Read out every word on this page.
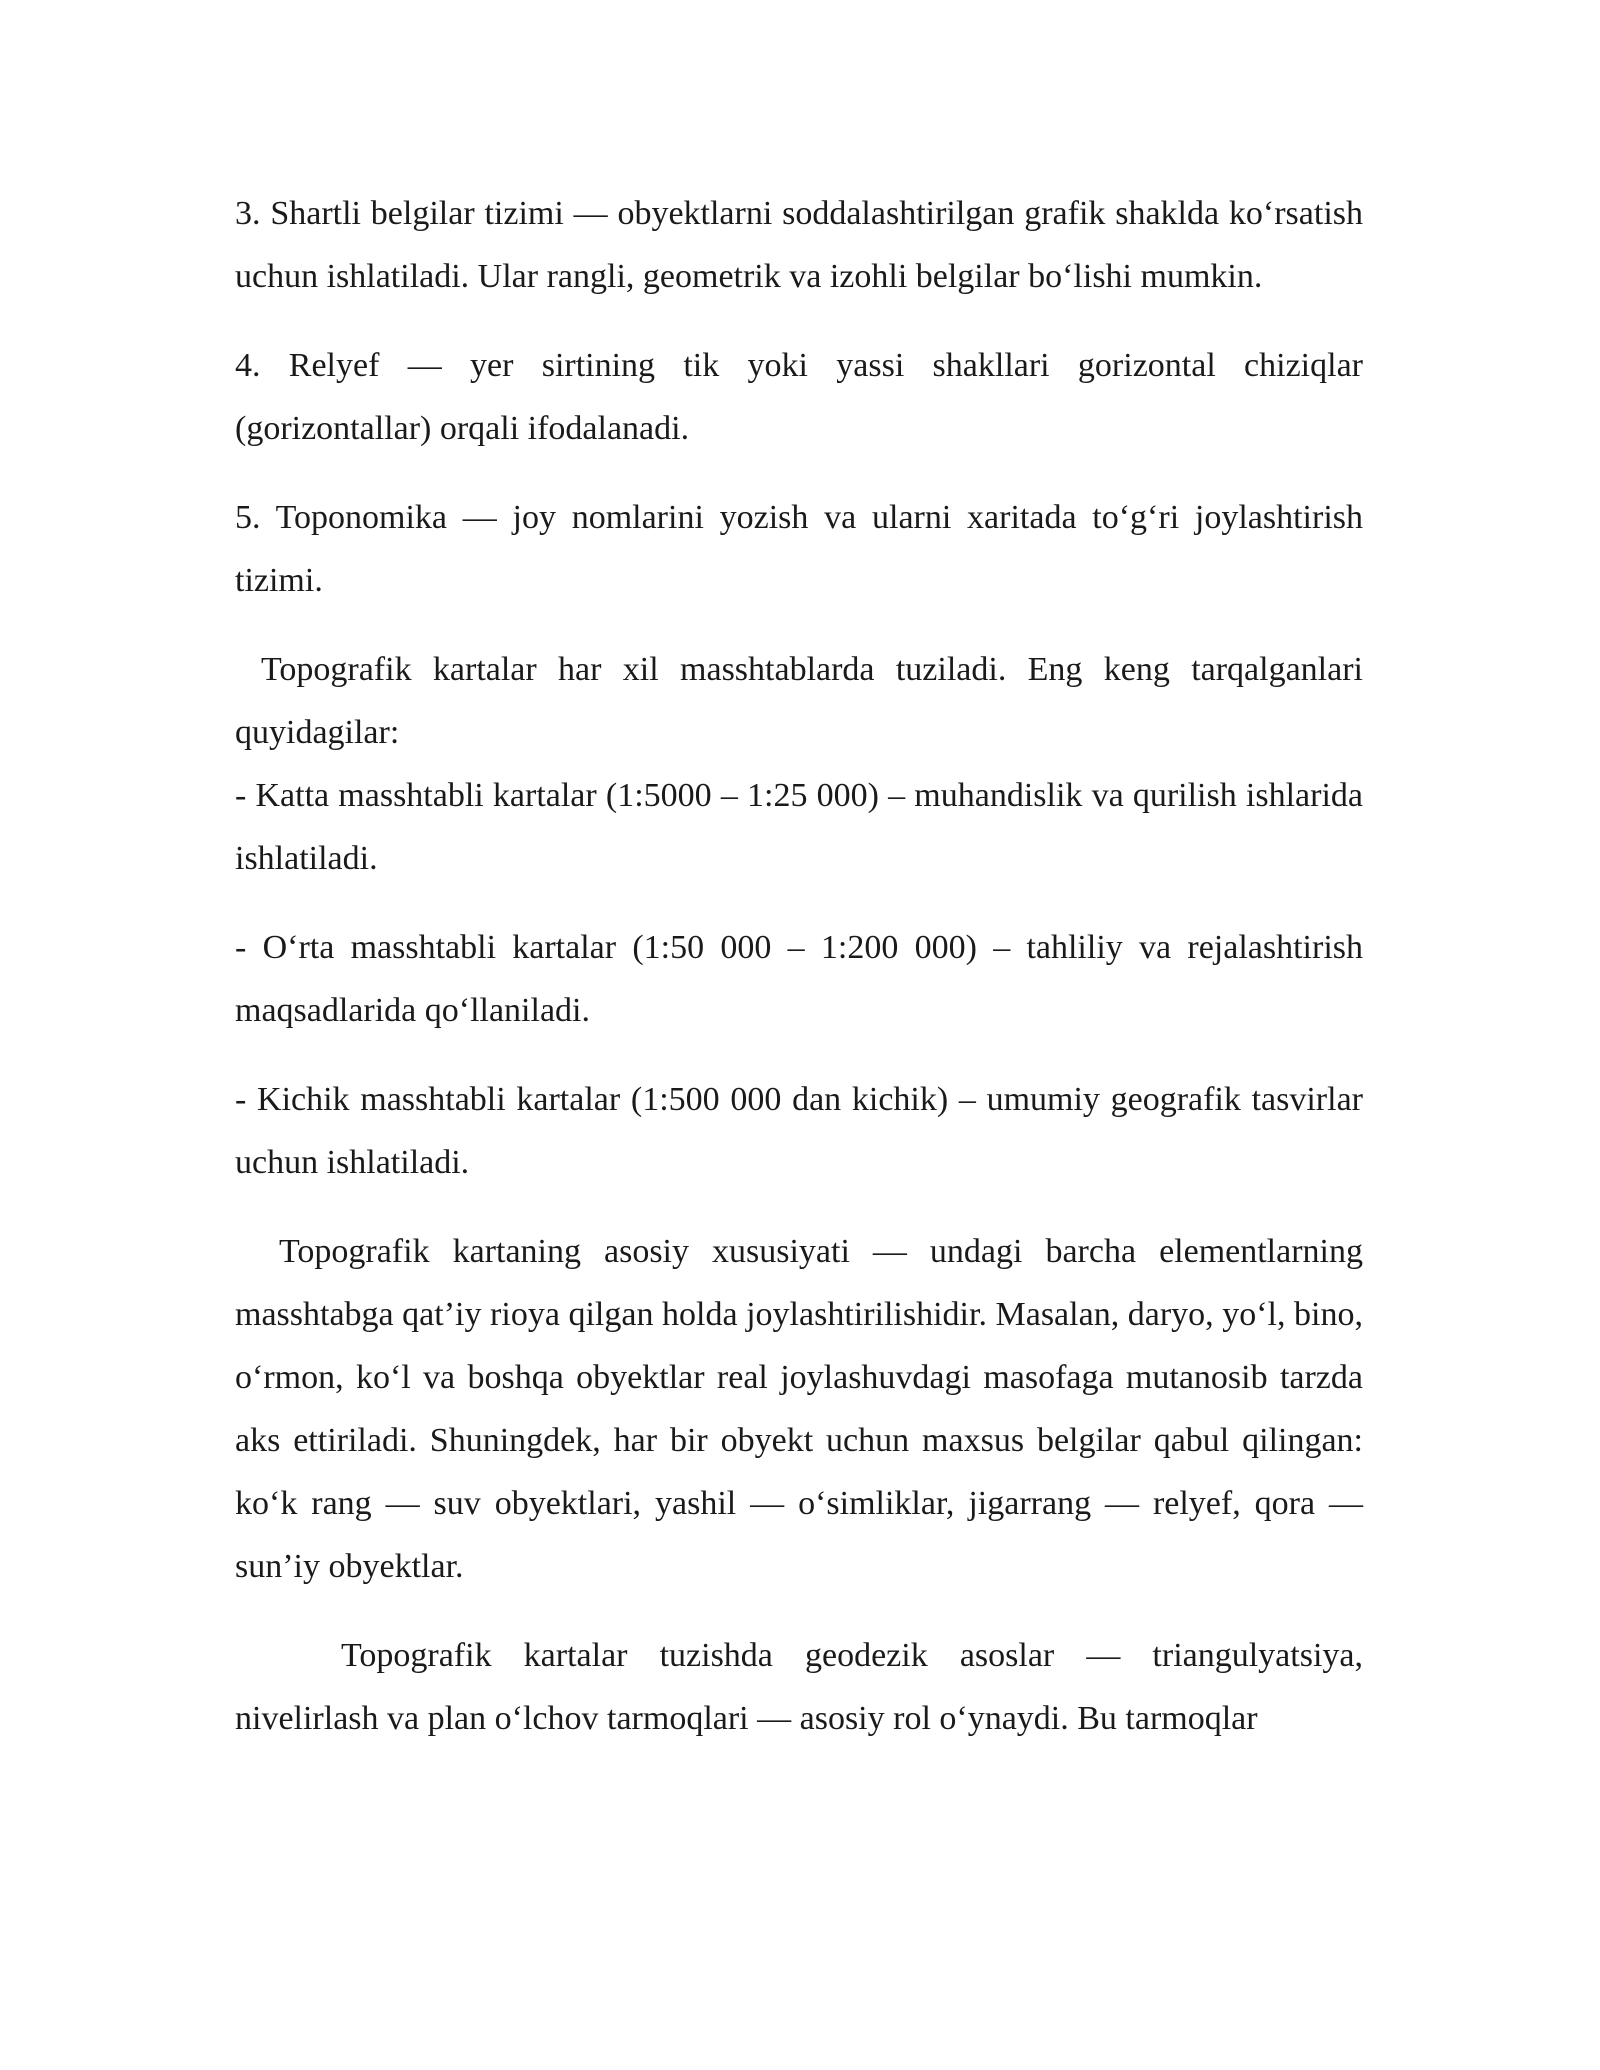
3. Shartli belgilar tizimi — obyektlarni soddalashtirilgan grafik shaklda ko‘rsatish uchun ishlatiladi. Ular rangli, geometrik va izohli belgilar bo‘lishi mumkin.

4. Relyef — yer sirtining tik yoki yassi shakllari gorizontal chiziqlar (gorizontallar) orqali ifodalanadi.

5. Toponomika — joy nomlarini yozish va ularni xaritada to‘g‘ri joylashtirish tizimi.

Topografik kartalar har xil masshtablarda tuziladi. Eng keng tarqalganlari quyidagilar:

- Katta masshtabli kartalar (1:5000 – 1:25 000) – muhandislik va qurilish ishlarida ishlatiladi.

- O‘rta masshtabli kartalar (1:50 000 – 1:200 000) – tahliliy va rejalashtirish maqsadlarida qo‘llaniladi.

- Kichik masshtabli kartalar (1:500 000 dan kichik) – umumiy geografik tasvirlar uchun ishlatiladi.

Topografik kartaning asosiy xususiyati — undagi barcha elementlarning masshtabga qat’iy rioya qilgan holda joylashtirilishidir. Masalan, daryo, yo‘l, bino, o‘rmon, ko‘l va boshqa obyektlar real joylashuvdagi masofaga mutanosib tarzda aks ettiriladi. Shuningdek, har bir obyekt uchun maxsus belgilar qabul qilingan: ko‘k rang — suv obyektlari, yashil — o‘simliklar, jigarrang — relyef, qora — sun’iy obyektlar.

Topografik kartalar tuzishda geodezik asoslar — triangulyatsiya, nivelirlash va plan o‘lchov tarmoqlari — asosiy rol o‘ynaydi. Bu tarmoqlar
